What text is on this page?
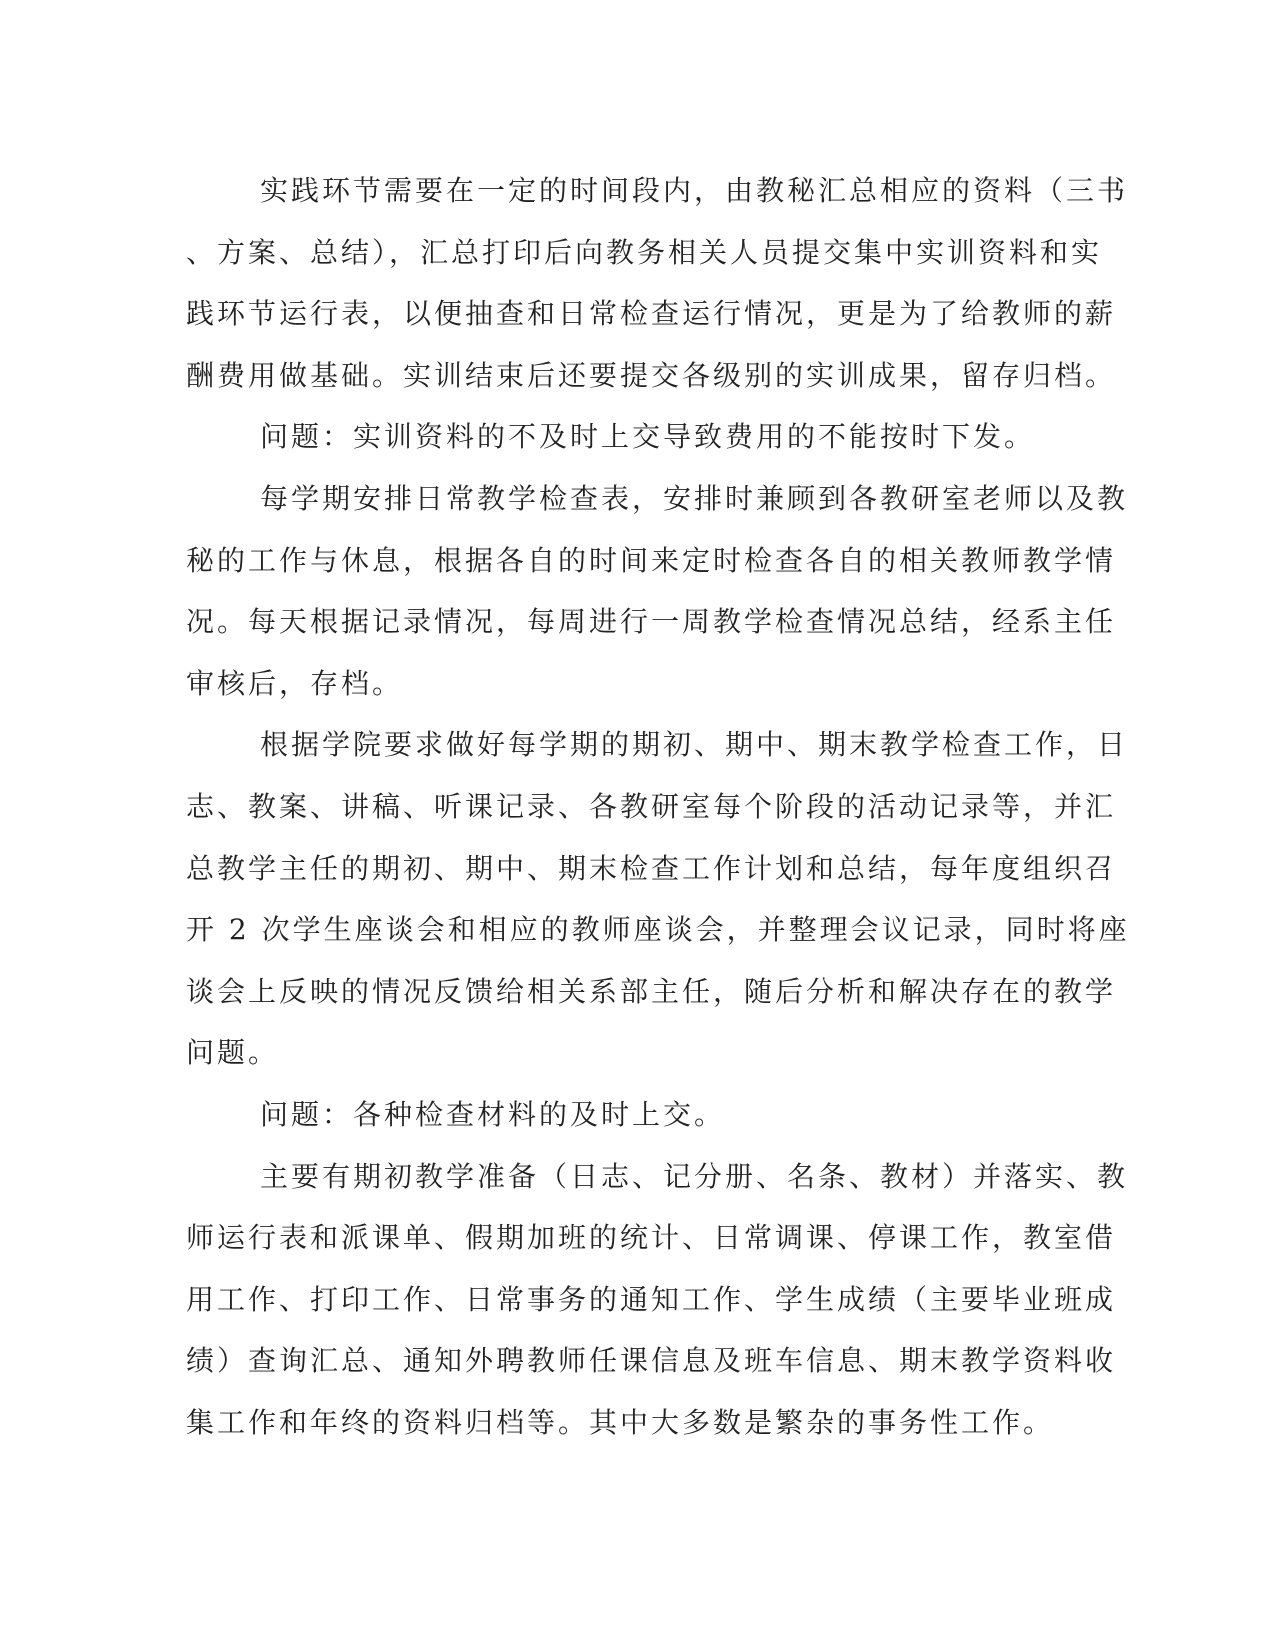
实践环节需要在一定的时间段内，由教秘汇总相应的资料（三书
、方案、总结），汇总打印后向教务相关人员提交集中实训资料和实
践环节运行表，以便抽查和日常检查运行情况，更是为了给教师的薪
酬费用做基础。实训结束后还要提交各级别的实训成果，留存归档。
问题：实训资料的不及时上交导致费用的不能按时下发。
每学期安排日常教学检查表，安排时兼顾到各教研室老师以及教
秘的工作与休息，根据各自的时间来定时检查各自的相关教师教学情
况。每天根据记录情况，每周进行一周教学检查情况总结，经系主任
审核后，存档。
根据学院要求做好每学期的期初、期中、期末教学检查工作，日
志、教案、讲稿、听课记录、各教研室每个阶段的活动记录等，并汇
总教学主任的期初、期中、期末检查工作计划和总结，每年度组织召
开 2 次学生座谈会和相应的教师座谈会，并整理会议记录，同时将座
谈会上反映的情况反馈给相关系部主任，随后分析和解决存在的教学
问题。
问题：各种检查材料的及时上交。
主要有期初教学准备（日志、记分册、名条、教材）并落实、教
师运行表和派课单、假期加班的统计、日常调课、停课工作，教室借
用工作、打印工作、日常事务的通知工作、学生成绩（主要毕业班成
绩）查询汇总、通知外聘教师任课信息及班车信息、期末教学资料收
集工作和年终的资料归档等。其中大多数是繁杂的事务性工作。
